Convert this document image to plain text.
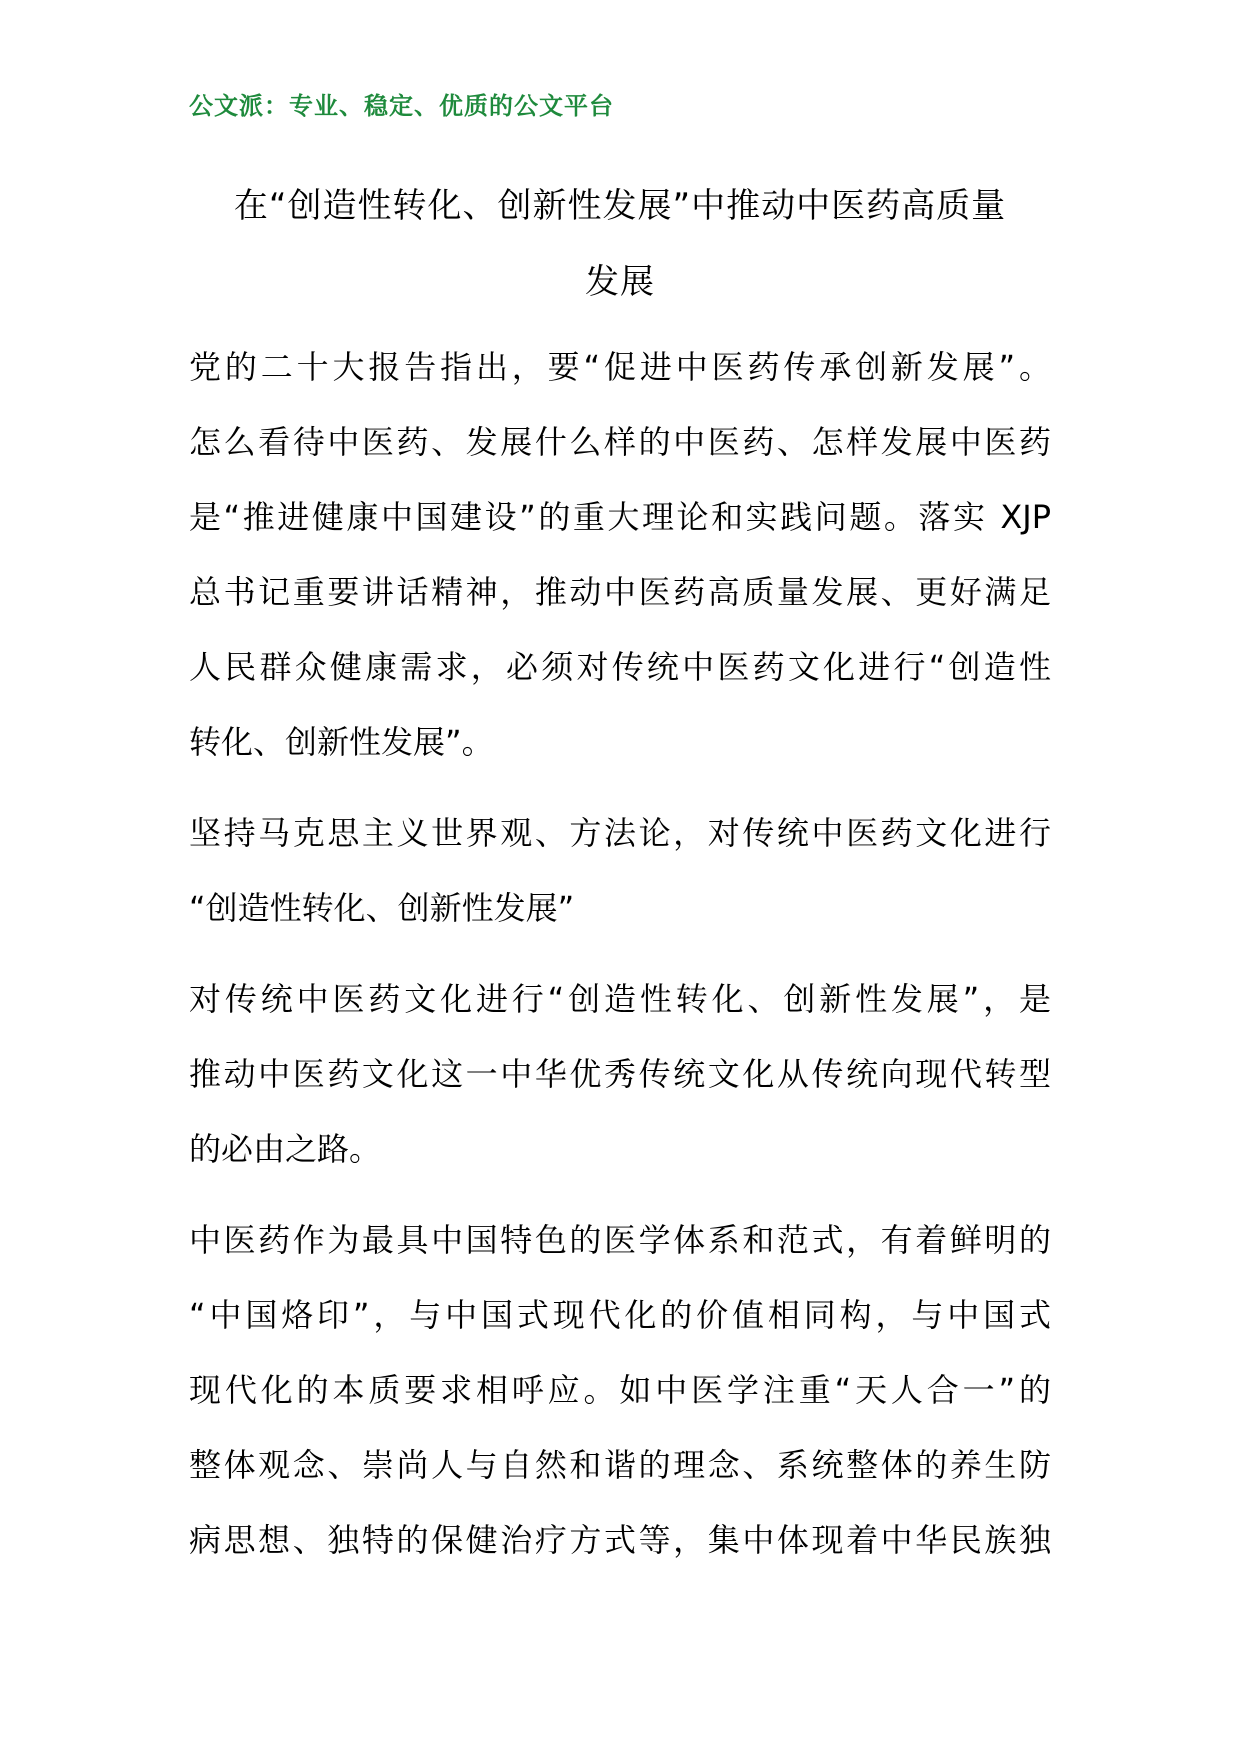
公文派：专业、稳定、优质的公文平台
在“创造性转化、创新性发展”中推动中医药高质量
发展

党的二十大报告指出，要“促进中医药传承创新发展”。
怎么看待中医药、发展什么样的中医药、怎样发展中医药
是“推进健康中国建设”的重大理论和实践问题。落实 XJP
总书记重要讲话精神，推动中医药高质量发展、更好满足
人民群众健康需求，必须对传统中医药文化进行“创造性
转化、创新性发展”。

坚持马克思主义世界观、方法论，对传统中医药文化进行
“创造性转化、创新性发展”

对传统中医药文化进行“创造性转化、创新性发展”，是
推动中医药文化这一中华优秀传统文化从传统向现代转型
的必由之路。

中医药作为最具中国特色的医学体系和范式，有着鲜明的
“中国烙印”，与中国式现代化的价值相同构，与中国式
现代化的本质要求相呼应。如中医学注重“天人合一”的
整体观念、崇尚人与自然和谐的理念、系统整体的养生防
病思想、独特的保健治疗方式等，集中体现着中华民族独
